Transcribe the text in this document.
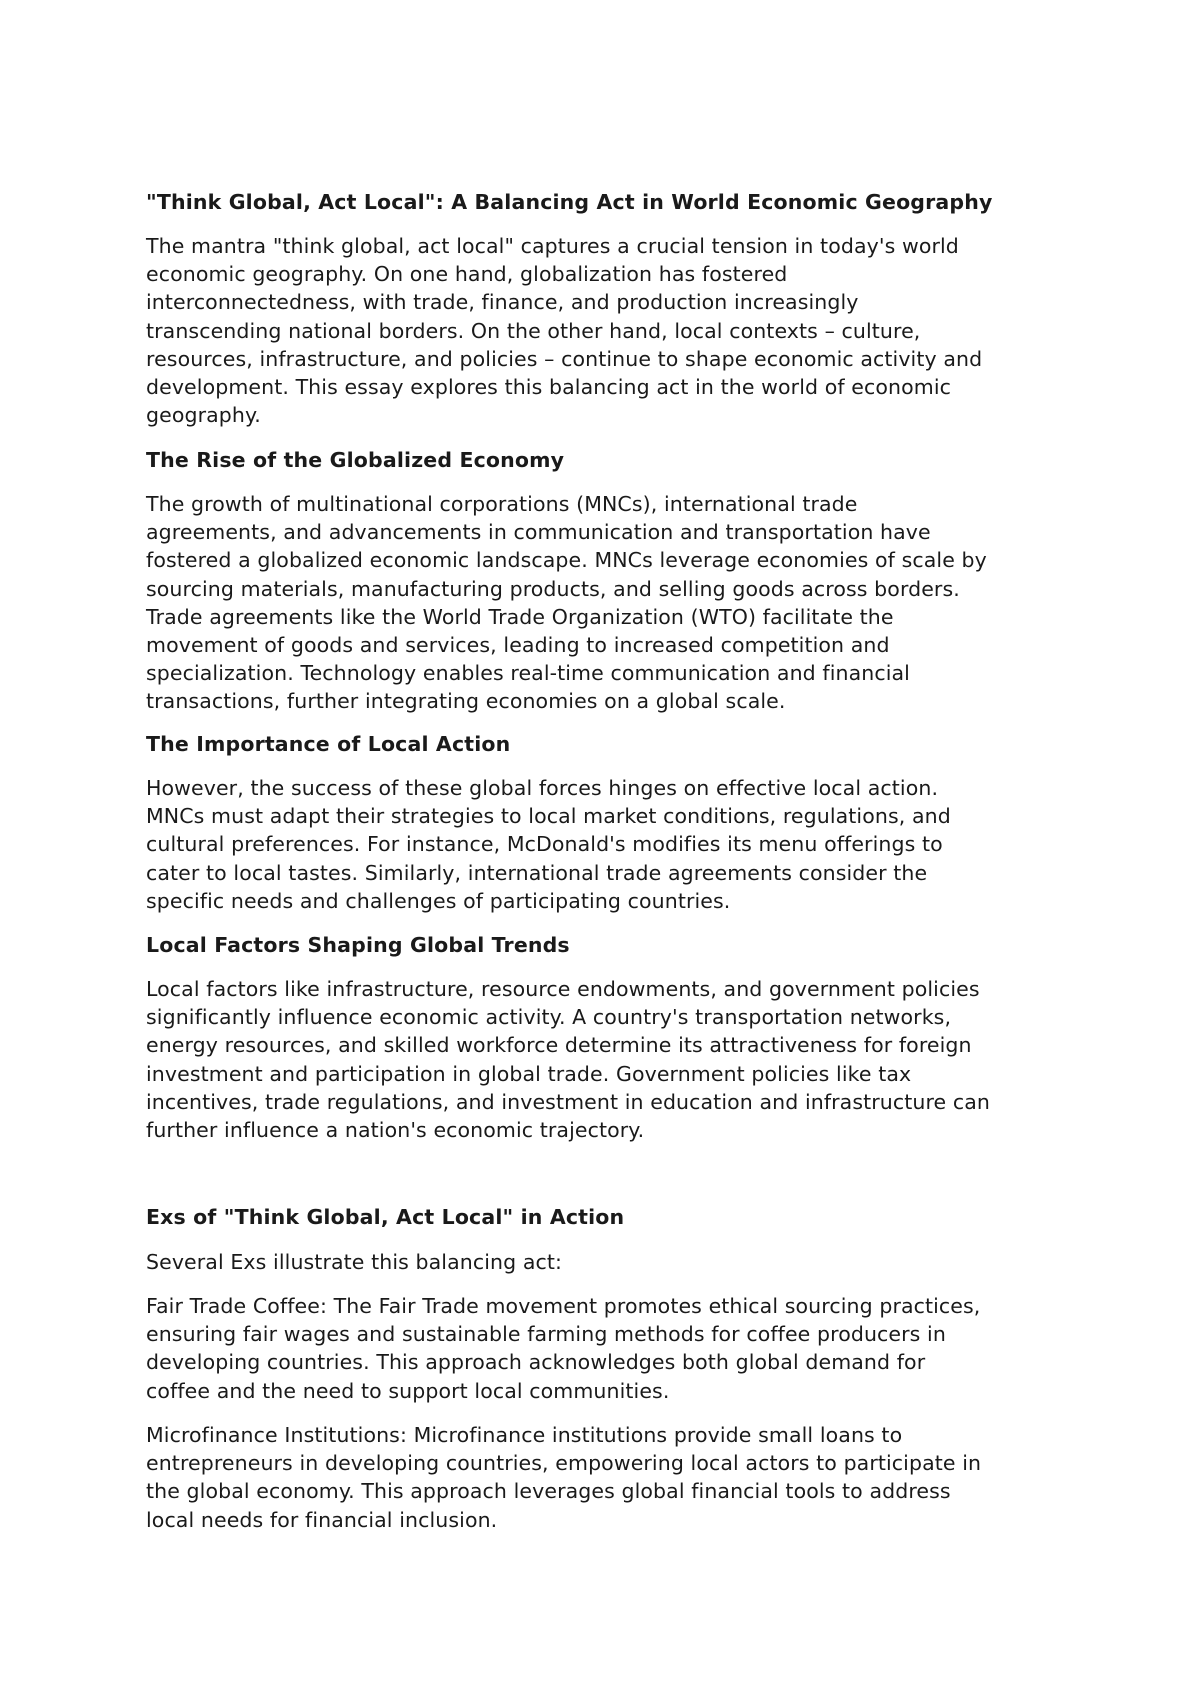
"Think Global, Act Local": A Balancing Act in World Economic Geography

The mantra "think global, act local" captures a crucial tension in today's world
economic geography. On one hand, globalization has fostered
interconnectedness, with trade, finance, and production increasingly
transcending national borders. On the other hand, local contexts – culture,
resources, infrastructure, and policies – continue to shape economic activity and
development. This essay explores this balancing act in the world of economic
geography.

The Rise of the Globalized Economy

The growth of multinational corporations (MNCs), international trade
agreements, and advancements in communication and transportation have
fostered a globalized economic landscape. MNCs leverage economies of scale by
sourcing materials, manufacturing products, and selling goods across borders.
Trade agreements like the World Trade Organization (WTO) facilitate the
movement of goods and services, leading to increased competition and
specialization. Technology enables real-time communication and financial
transactions, further integrating economies on a global scale.

The Importance of Local Action

However, the success of these global forces hinges on effective local action.
MNCs must adapt their strategies to local market conditions, regulations, and
cultural preferences. For instance, McDonald's modifies its menu offerings to
cater to local tastes. Similarly, international trade agreements consider the
specific needs and challenges of participating countries.

Local Factors Shaping Global Trends

Local factors like infrastructure, resource endowments, and government policies
significantly influence economic activity. A country's transportation networks,
energy resources, and skilled workforce determine its attractiveness for foreign
investment and participation in global trade. Government policies like tax
incentives, trade regulations, and investment in education and infrastructure can
further influence a nation's economic trajectory.

Exs of "Think Global, Act Local" in Action

Several Exs illustrate this balancing act:

Fair Trade Coffee: The Fair Trade movement promotes ethical sourcing practices,
ensuring fair wages and sustainable farming methods for coffee producers in
developing countries. This approach acknowledges both global demand for
coffee and the need to support local communities.

Microfinance Institutions: Microfinance institutions provide small loans to
entrepreneurs in developing countries, empowering local actors to participate in
the global economy. This approach leverages global financial tools to address
local needs for financial inclusion.
